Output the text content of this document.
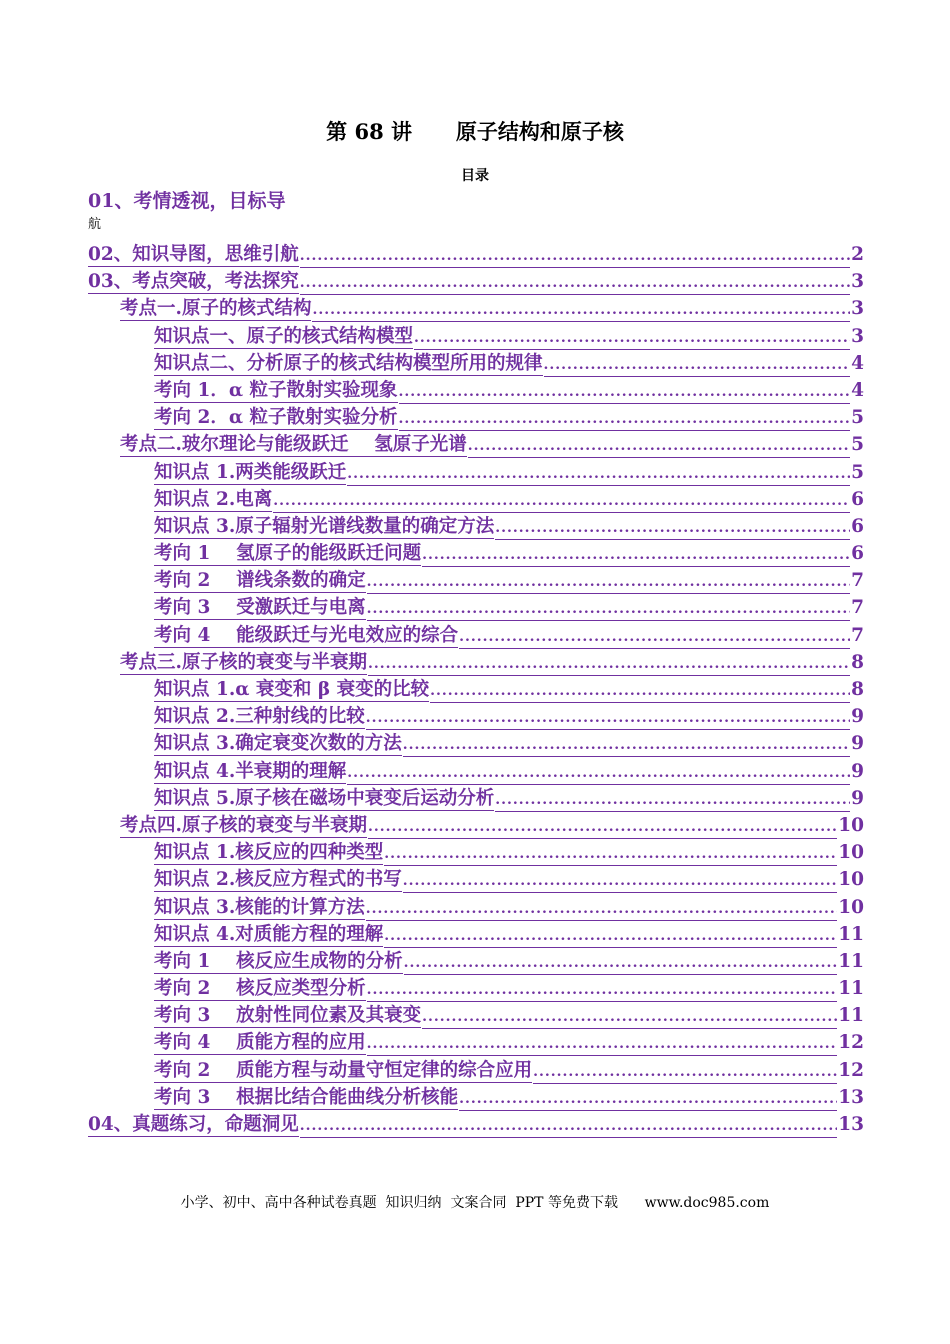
第 68 讲      原子结构和原子核
目录
01、考情透视，目标导
航
02、知识导图，思维引航 .....	2
03、考点突破，考法探究 .....	3
考点一.原子的核式结构 .....	3
知识点一、原子的核式结构模型 .....	3
知识点二、分析原子的核式结构模型所用的规律 .....	4
考向 1．α 粒子散射实验现象 .....	4
考向 2．α 粒子散射实验分析 .....	5
考点二.玻尔理论与能级跃迁    氢原子光谱 .....	5
知识点 1.两类能级跃迁 .....	5
知识点 2.电离 .....	6
知识点 3.原子辐射光谱线数量的确定方法 .....	6
考向 1    氢原子的能级跃迁问题 .....	6
考向 2    谱线条数的确定 .....	7
考向 3    受激跃迁与电离 .....	7
考向 4    能级跃迁与光电效应的综合 .....	7
考点三.原子核的衰变与半衰期 .....	8
知识点 1.α 衰变和 β 衰变的比较 .....	8
知识点 2.三种射线的比较 .....	9
知识点 3.确定衰变次数的方法 .....	9
知识点 4.半衰期的理解 .....	9
知识点 5.原子核在磁场中衰变后运动分析 .....	9
考点四.原子核的衰变与半衰期 .....	10
知识点 1.核反应的四种类型 .....	10
知识点 2.核反应方程式的书写 .....	10
知识点 3.核能的计算方法 .....	10
知识点 4.对质能方程的理解 .....	11
考向 1    核反应生成物的分析 .....	11
考向 2    核反应类型分析 .....	11
考向 3    放射性同位素及其衰变 .....	11
考向 4    质能方程的应用 .....	12
考向 2    质能方程与动量守恒定律的综合应用 .....	12
考向 3    根据比结合能曲线分析核能 .....	13
04、真题练习，命题洞见 .....	13
小学、初中、高中各种试卷真题  知识归纳  文案合同  PPT 等免费下载      www.doc985.com
